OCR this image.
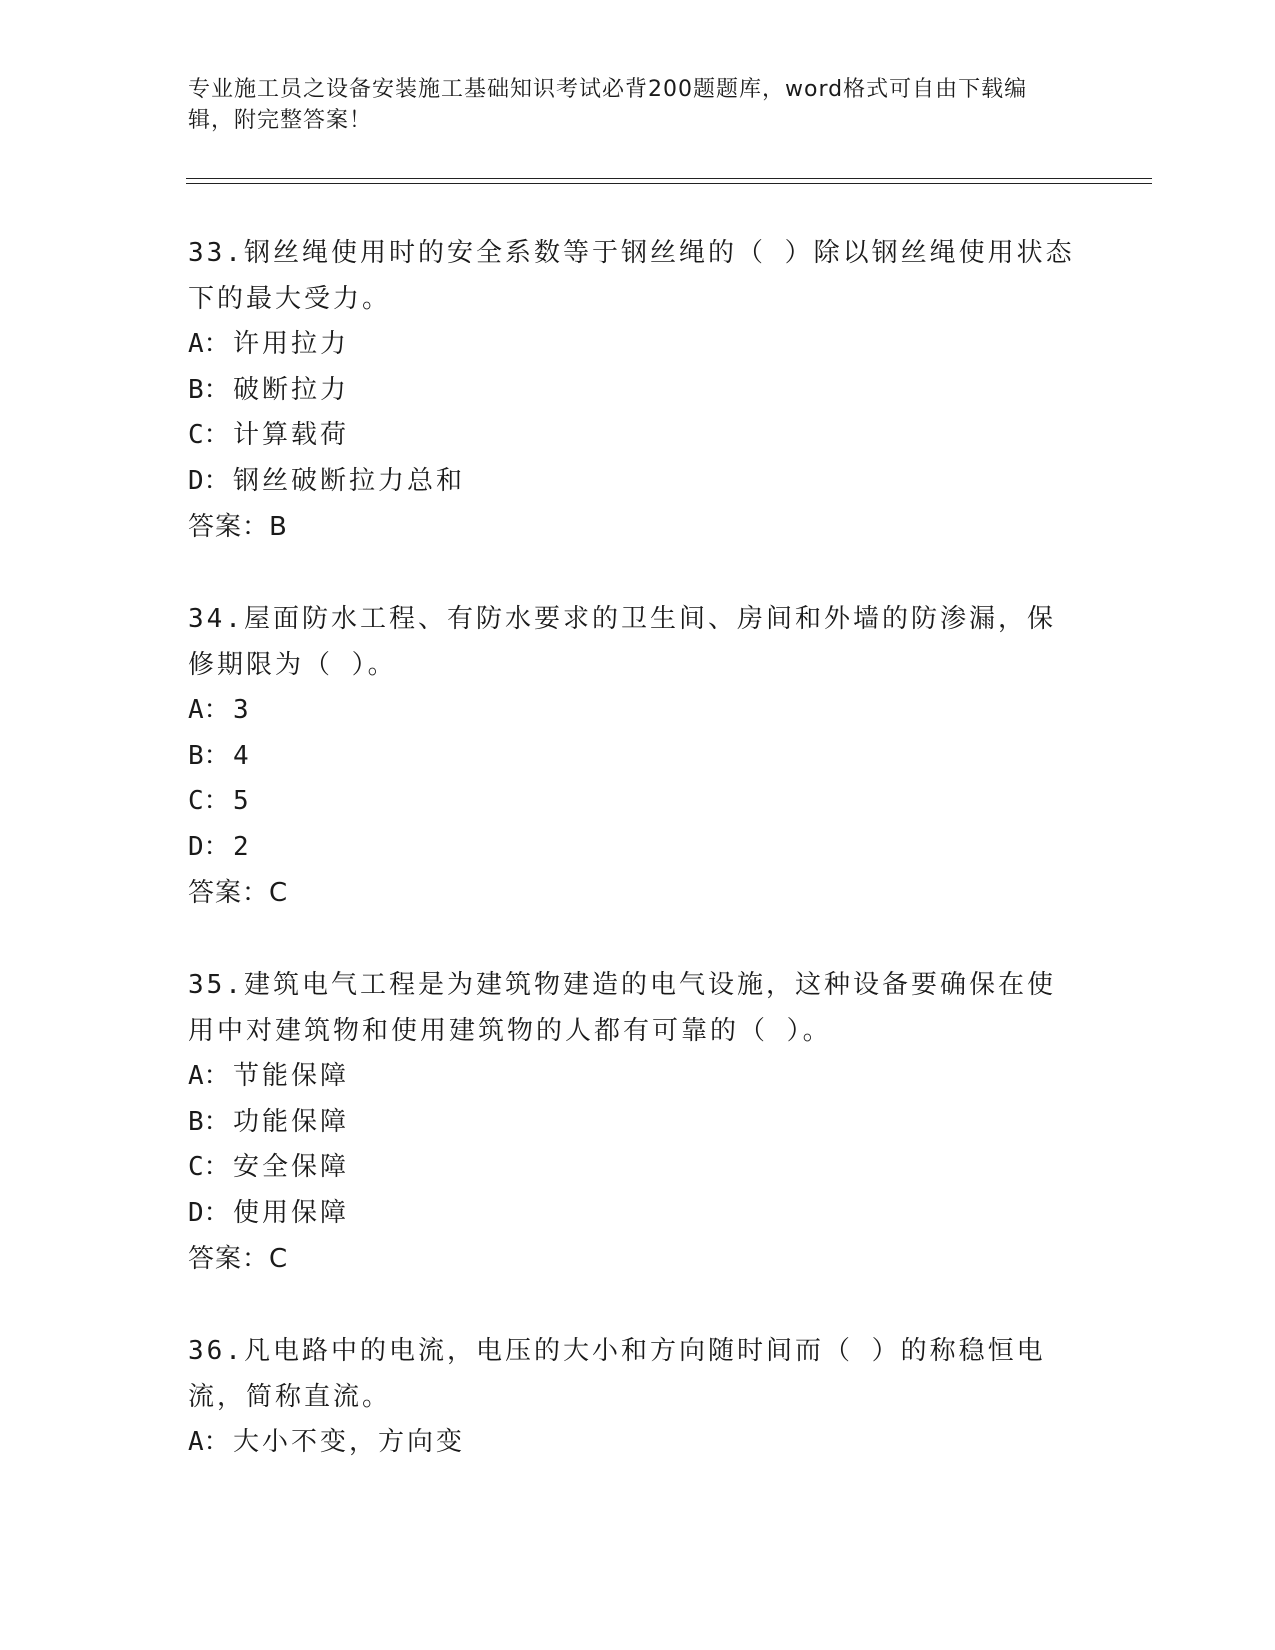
专业施工员之设备安装施工基础知识考试必背200题题库，word格式可自由下载编辑，附完整答案！

33.钢丝绳使用时的安全系数等于钢丝绳的（ ）除以钢丝绳使用状态下的最大受力。

A： 许用拉力
B： 破断拉力
C： 计算载荷
D： 钢丝破断拉力总和
答案： B

34.屋面防水工程、有防水要求的卫生间、房间和外墙的防渗漏，保修期限为（ ）。

A： 3
B： 4
C： 5
D： 2
答案： C

35.建筑电气工程是为建筑物建造的电气设施，这种设备要确保在使用中对建筑物和使用建筑物的人都有可靠的（ ）。

A： 节能保障
B： 功能保障
C： 安全保障
D： 使用保障
答案： C

36.凡电路中的电流，电压的大小和方向随时间而（ ）的称稳恒电流，简称直流。

A： 大小不变，方向变
